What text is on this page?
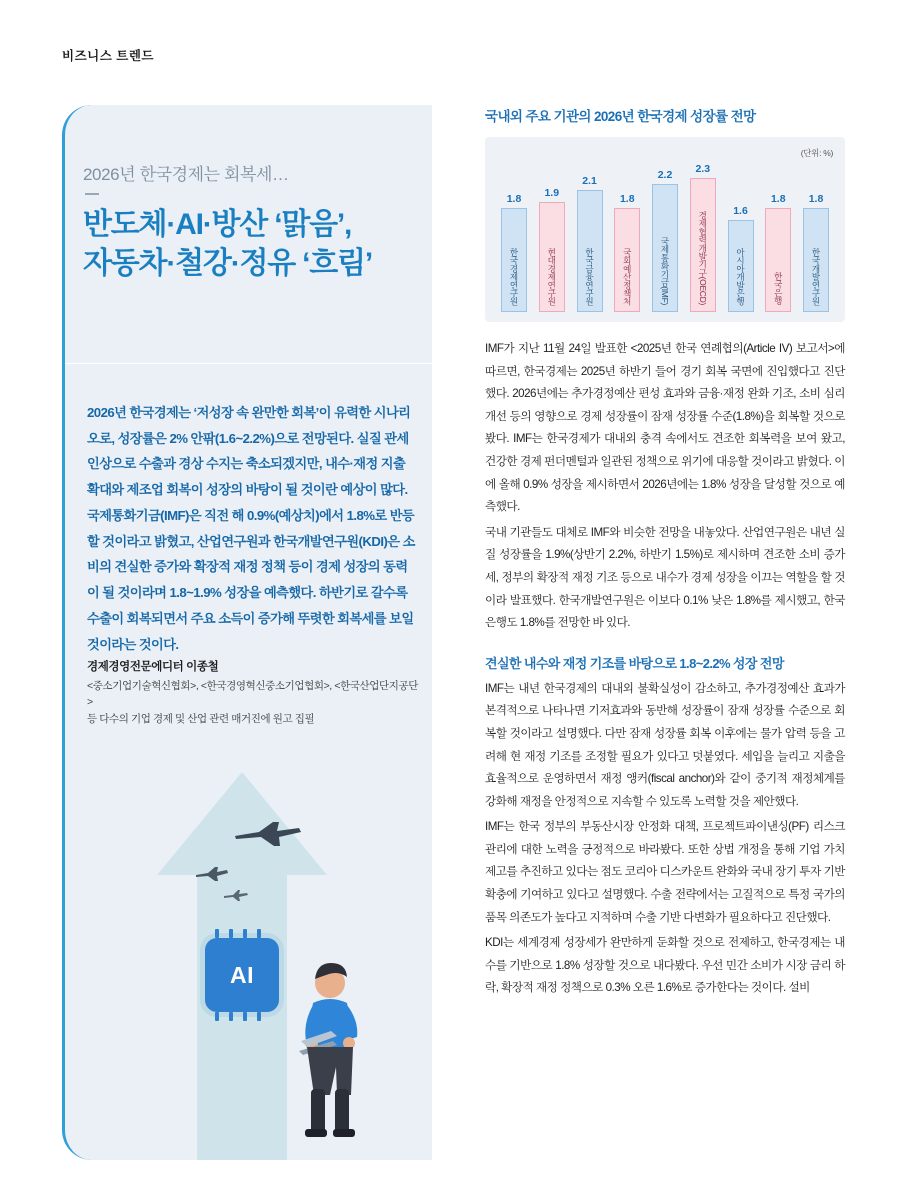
비즈니스 트렌드
2026년 한국경제는 회복세…
반도체·AI·방산 ‘맑음’,
자동차·철강·정유 ‘흐림’
2026년 한국경제는 ‘저성장 속 완만한 회복’이 유력한 시나리오로, 성장률은 2% 안팎(1.6~2.2%)으로 전망된다. 실질 관세 인상으로 수출과 경상 수지는 축소되겠지만, 내수·재정 지출 확대와 제조업 회복이 성장의 바탕이 될 것이란 예상이 많다. 국제통화기금(IMF)은 직전 해 0.9%(예상치)에서 1.8%로 반등할 것이라고 밝혔고, 산업연구원과 한국개발연구원(KDI)은 소비의 견실한 증가와 확장적 재정 정책 등이 경제 성장의 동력이 될 것이라며 1.8~1.9% 성장을 예측했다. 하반기로 갈수록 수출이 회복되면서 주요 소득이 증가해 뚜렷한 회복세를 보일 것이라는 것이다.
경제경영전문에디터 이종철
<중소기업기술혁신협회>, <한국경영혁신중소기업협회>, <한국산업단지공단>
등 다수의 기업 경제 및 산업 관련 매거진에 원고 집필
AI
국내외 주요 기관의 2026년 한국경제 성장률 전망
(단위: %)
1.8
한국경제연구원
1.9
현대경제연구원
2.1
한국금융연구원
1.8
국회예산정책처
2.2
국제통화기금(IMF)
2.3
경제협력개발기구(OECD) 1.6
아시아개발은행
1.8
한국은행
1.8
한국개발연구원

IMF가 지난 11월 24일 발표한 <2025년 한국 연례협의(Article IV) 보고서>에 따르면, 한국경제는 2025년 하반기 들어 경기 회복 국면에 진입했다고 진단했다. 2026년에는 추가경정예산 편성 효과와 금융·재정 완화 기조, 소비 심리 개선 등의 영향으로 경제 성장률이 잠재 성장률 수준(1.8%)을 회복할 것으로 봤다. IMF는 한국경제가 대내외 충격 속에서도 견조한 회복력을 보여 왔고, 건강한 경제 펀더멘털과 일관된 정책으로 위기에 대응할 것이라고 밝혔다. 이에 올해 0.9% 성장을 제시하면서 2026년에는 1.8% 성장을 달성할 것으로 예측했다.

국내 기관들도 대체로 IMF와 비슷한 전망을 내놓았다. 산업연구원은 내년 실질 성장률을 1.9%(상반기 2.2%, 하반기 1.5%)로 제시하며 견조한 소비 증가세, 정부의 확장적 재정 기조 등으로 내수가 경제 성장을 이끄는 역할을 할 것이라 발표했다. 한국개발연구원은 이보다 0.1% 낮은 1.8%를 제시했고, 한국은행도 1.8%를 전망한 바 있다.

견실한 내수와 재정 기조를 바탕으로 1.8~2.2% 성장 전망

IMF는 내년 한국경제의 대내외 불확실성이 감소하고, 추가경정예산 효과가 본격적으로 나타나면 기저효과와 동반해 성장률이 잠재 성장률 수준으로 회복할 것이라고 설명했다. 다만 잠재 성장률 회복 이후에는 물가 압력 등을 고려해 현 재정 기조를 조정할 필요가 있다고 덧붙였다. 세입을 늘리고 지출을 효율적으로 운영하면서 재정 앵커(fiscal anchor)와 같이 중기적 재정체계를 강화해 재정을 안정적으로 지속할 수 있도록 노력할 것을 제안했다.

IMF는 한국 정부의 부동산시장 안정화 대책, 프로젝트파이낸싱(PF) 리스크 관리에 대한 노력을 긍정적으로 바라봤다. 또한 상법 개정을 통해 기업 가치 제고를 추진하고 있다는 점도 코리아 디스카운트 완화와 국내 장기 투자 기반 확충에 기여하고 있다고 설명했다. 수출 전략에서는 고질적으로 특정 국가의 품목 의존도가 높다고 지적하며 수출 기반 다변화가 필요하다고 진단했다.

KDI는 세계경제 성장세가 완만하게 둔화할 것으로 전제하고, 한국경제는 내수를 기반으로 1.8% 성장할 것으로 내다봤다. 우선 민간 소비가 시장 금리 하락, 확장적 재정 정책으로 0.3% 오른 1.6%로 증가한다는 것이다. 설비
